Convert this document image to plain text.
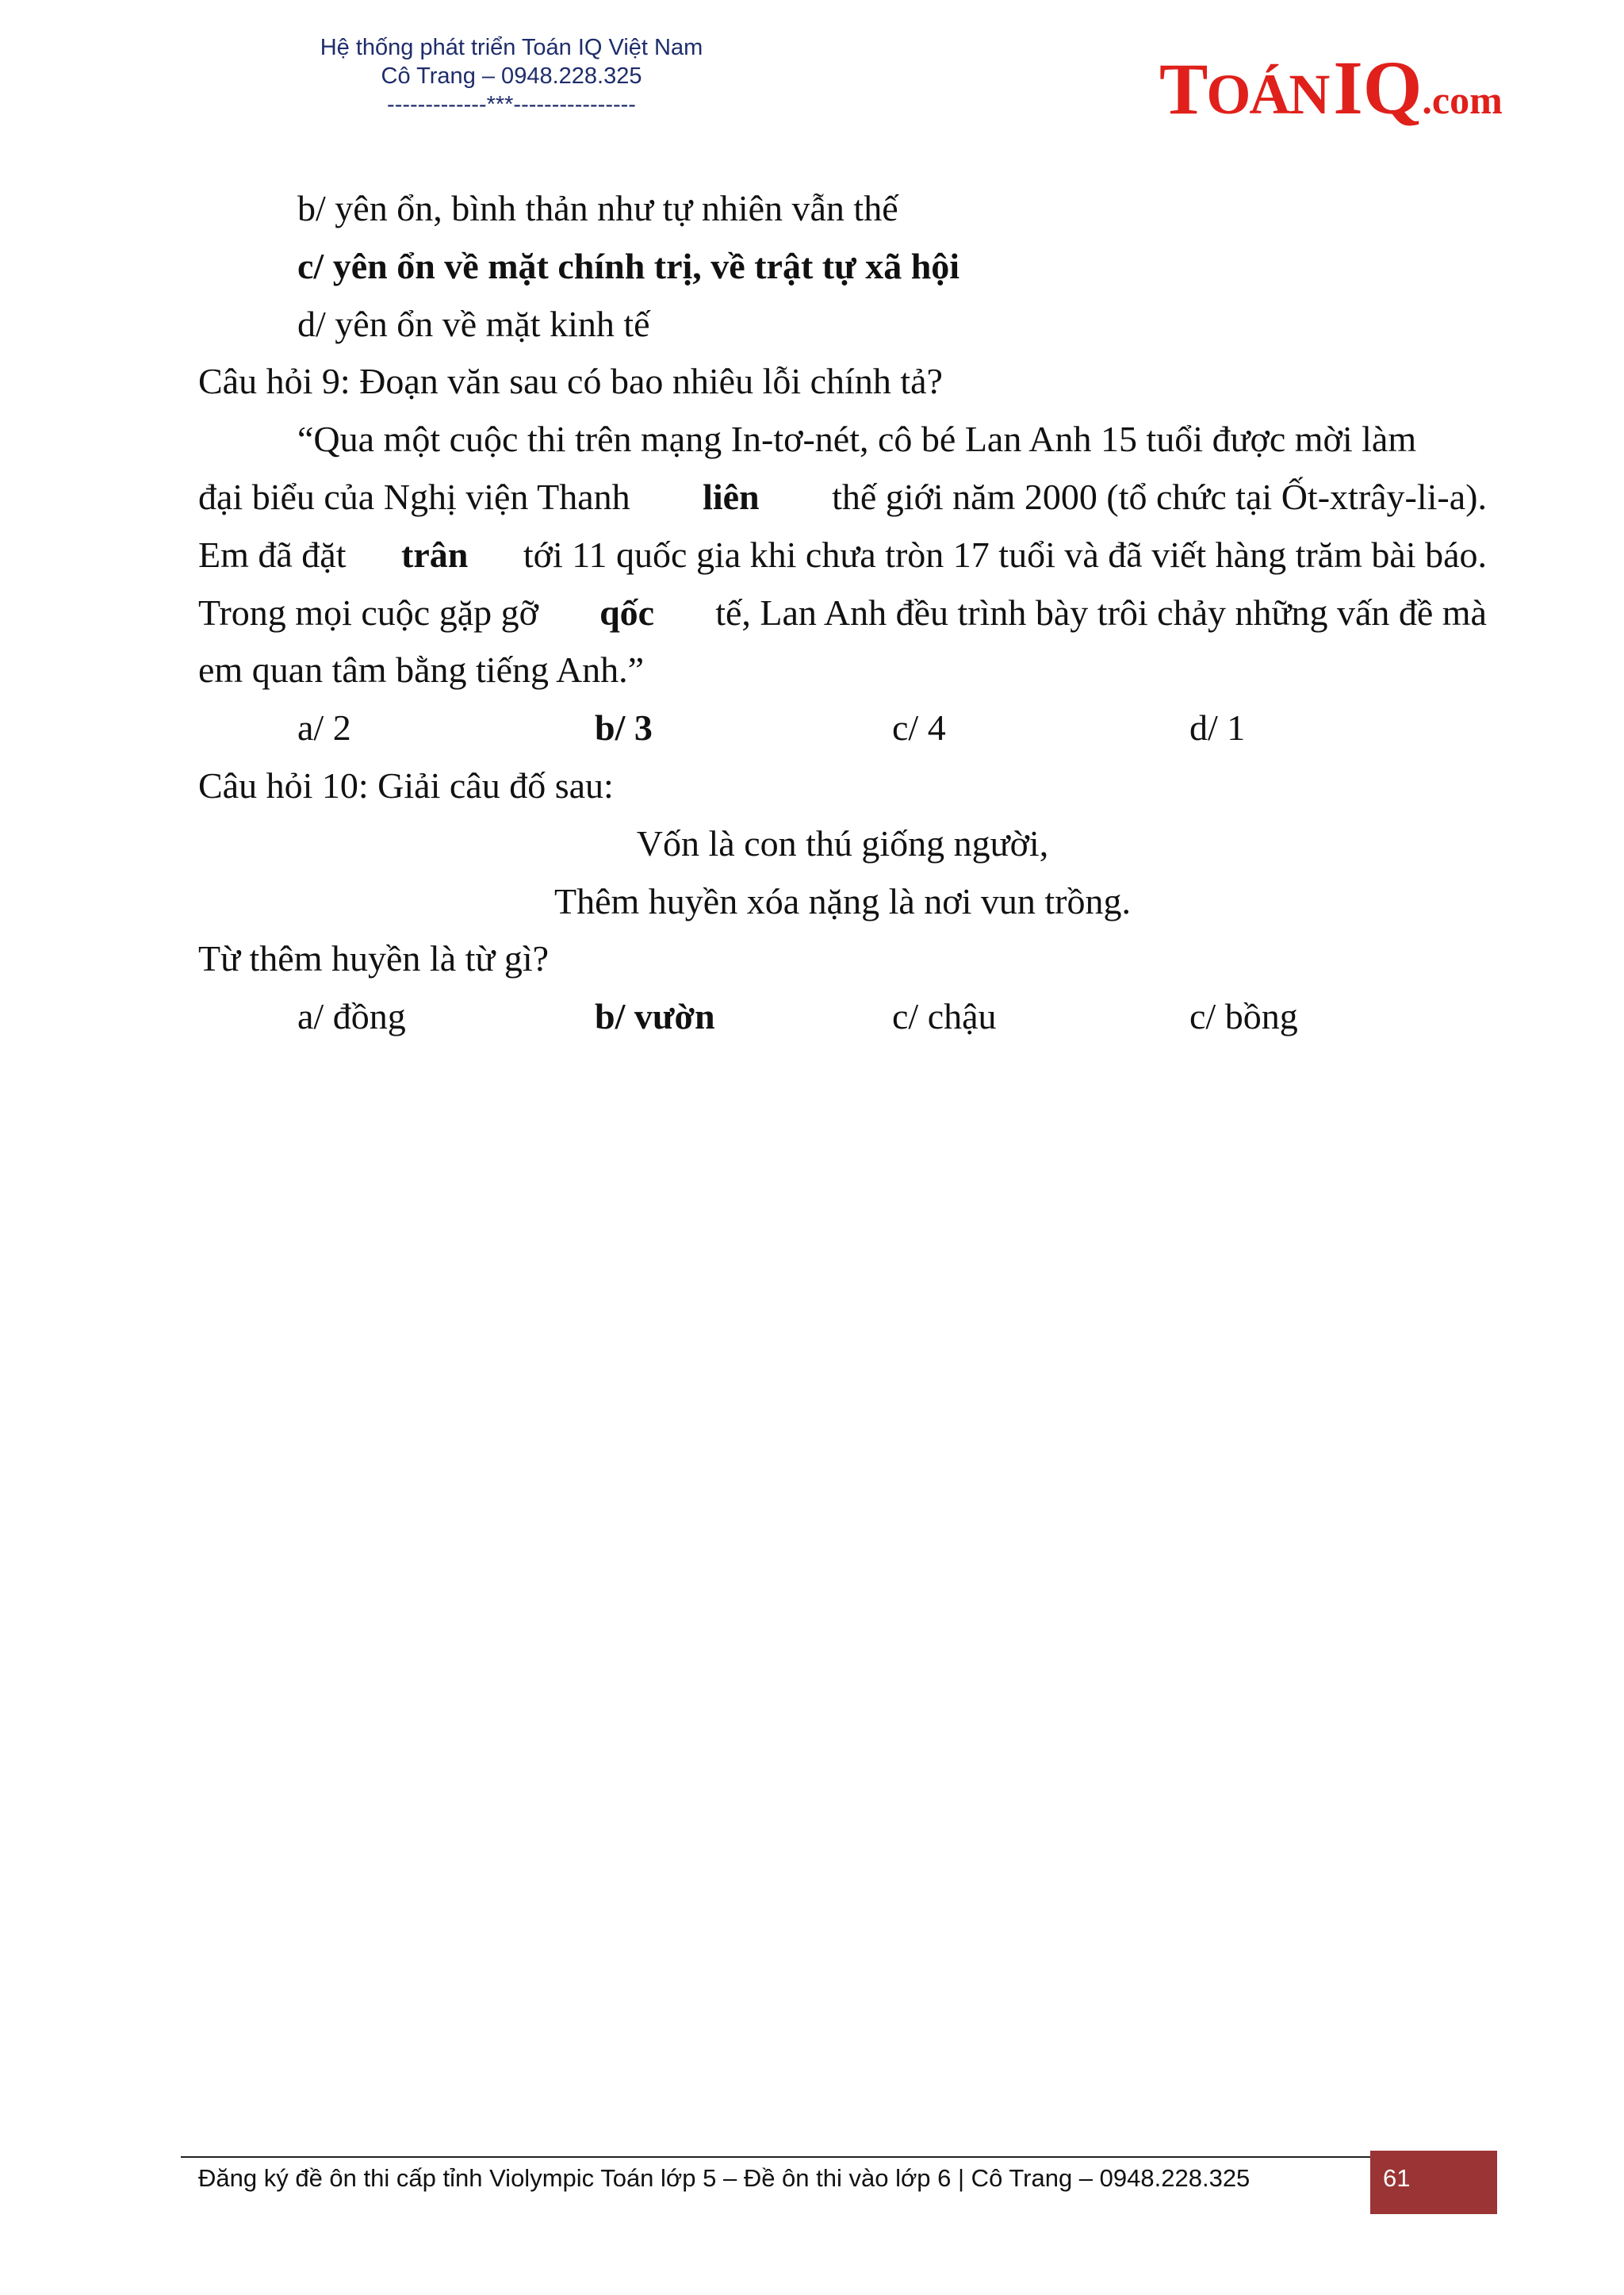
Hệ thống phát triển Toán IQ Việt Nam
Cô Trang – 0948.228.325
-------------***----------------	TOÁNIQ.com
b/ yên ổn, bình thản như tự nhiên vẫn thế
c/ yên ổn về mặt chính trị, về trật tự xã hội
d/ yên ổn về mặt kinh tế
Câu hỏi 9: Đoạn văn sau có bao nhiêu lỗi chính tả?
“Qua một cuộc thi trên mạng In-tơ-nét, cô bé Lan Anh 15 tuổi được mời làm
đại biểu của Nghị viện Thanh liên thế giới năm 2000 (tổ chức tại Ốt-xtrây-li-a).
Em đã đặt trân tới 11 quốc gia khi chưa tròn 17 tuổi và đã viết hàng trăm bài báo.
Trong mọi cuộc gặp gỡ qốc tế, Lan Anh đều trình bày trôi chảy những vấn đề mà
em quan tâm bằng tiếng Anh.”
a/ 2	b/ 3	c/ 4	d/ 1
Câu hỏi 10: Giải câu đố sau:
Vốn là con thú giống người,
Thêm huyền xóa nặng là nơi vun trồng.
Từ thêm huyền là từ gì?
a/ đồng	b/ vườn	c/ chậu	c/ bồng
Đăng ký đề ôn thi cấp tỉnh Violympic Toán lớp 5 – Đề ôn thi vào lớp 6 | Cô Trang – 0948.228.325	61
